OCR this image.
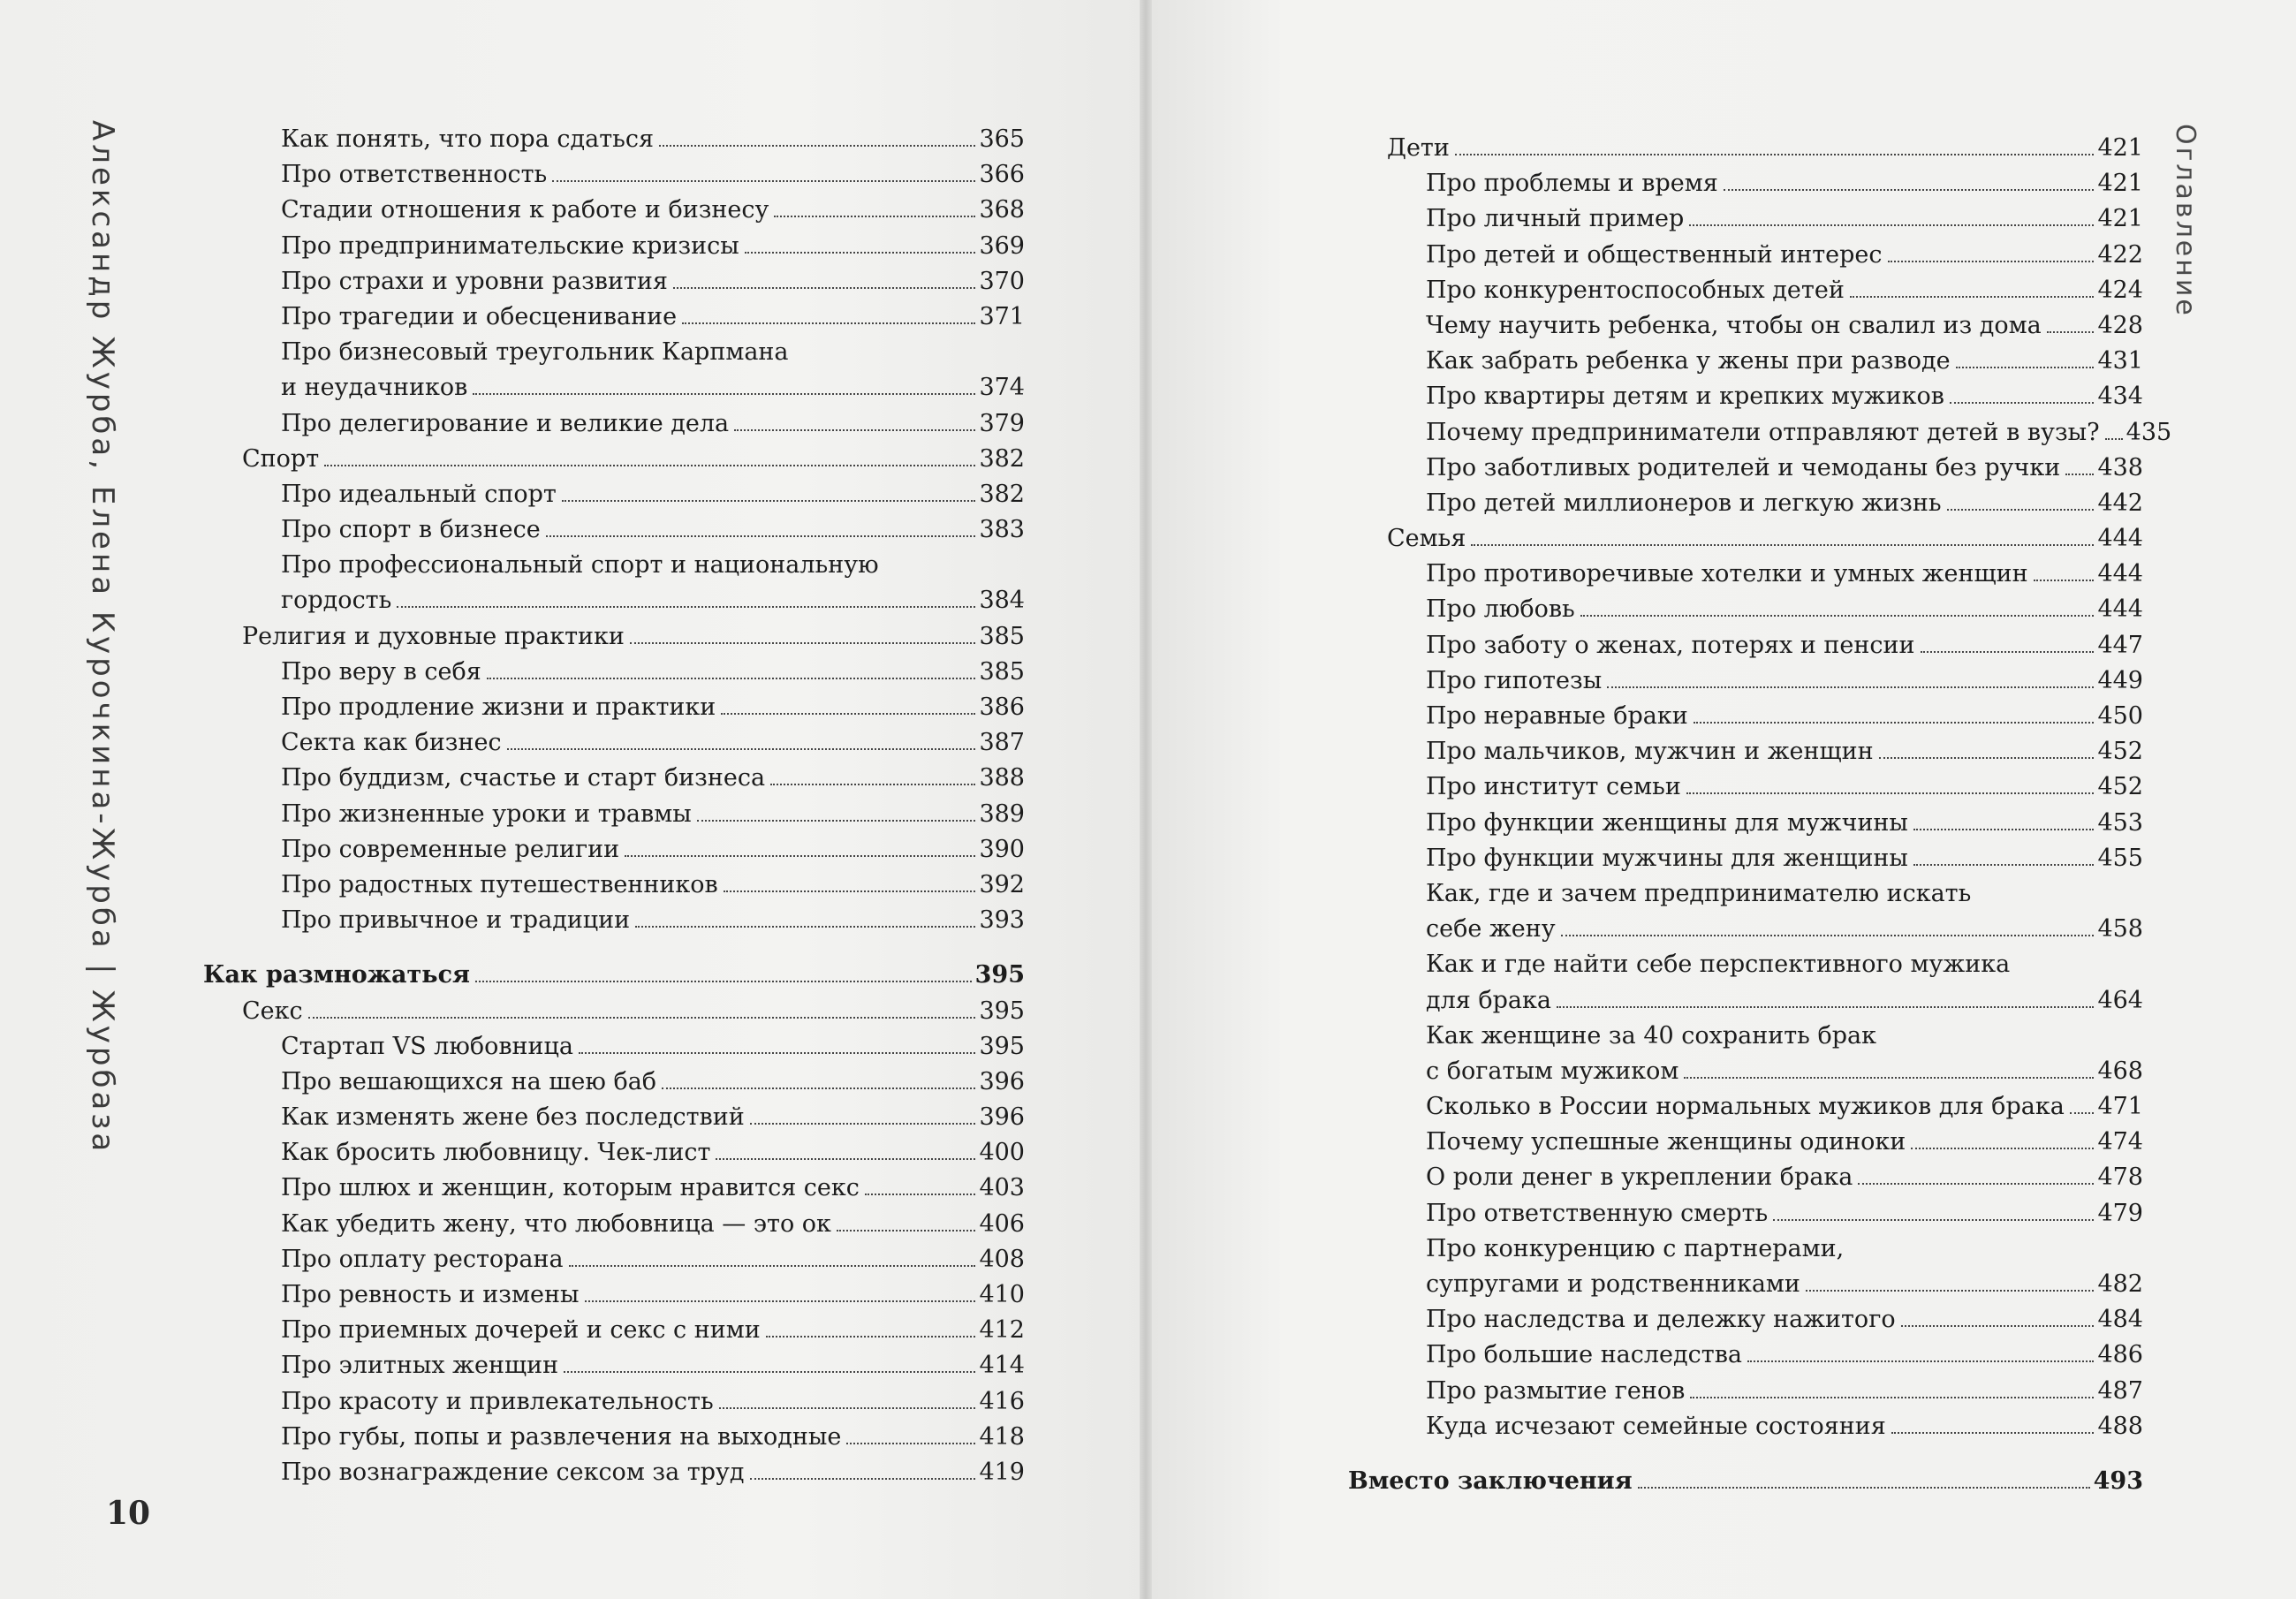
Александр Журба, Елена Курочкина-Журба|Журбаза
Оглавление
10
Как понять, что пора сдаться	365
Про ответственность	366
Стадии отношения к работе и бизнесу	368
Про предпринимательские кризисы	369
Про страхи и уровни развития	370
Про трагедии и обесценивание	371
Про бизнесовый треугольник Карпмана
и неудачников	374
Про делегирование и великие дела	379
Спорт	382
Про идеальный спорт	382
Про спорт в бизнесе	383
Про профессиональный спорт и национальную
гордость	384
Религия и духовные практики	385
Про веру в себя	385
Про продление жизни и практики	386
Секта как бизнес	387
Про буддизм, счастье и старт бизнеса	388
Про жизненные уроки и травмы	389
Про современные религии	390
Про радостных путешественников	392
Про привычное и традиции	393
Как размножаться	395
Секс	395
Стартап VS любовница	395
Про вешающихся на шею баб	396
Как изменять жене без последствий	396
Как бросить любовницу. Чек-лист	400
Про шлюх и женщин, которым нравится секс	403
Как убедить жену, что любовница — это ок	406
Про оплату ресторана	408
Про ревность и измены	410
Про приемных дочерей и секс с ними	412
Про элитных женщин	414
Про красоту и привлекательность	416
Про губы, попы и развлечения на выходные	418
Про вознаграждение сексом за труд	419
Дети	421
Про проблемы и время	421
Про личный пример	421
Про детей и общественный интерес	422
Про конкурентоспособных детей	424
Чему научить ребенка, чтобы он свалил из дома 428
Как забрать ребенка у жены при разводе	431
Про квартиры детям и крепких мужиков	434
Почему предприниматели отправляют детей в вузы? 435
Про заботливых родителей и чемоданы без ручки 438
Про детей миллионеров и легкую жизнь	442
Семья	444
Про противоречивые хотелки и умных женщин	444
Про любовь	444
Про заботу о женах, потерях и пенсии	447
Про гипотезы	449
Про неравные браки	450
Про мальчиков, мужчин и женщин	452
Про институт семьи	452
Про функции женщины для мужчины	453
Про функции мужчины для женщины	455
Как, где и зачем предпринимателю искать
себе жену	458
Как и где найти себе перспективного мужика
для брака	464
Как женщине за 40 сохранить брак
с богатым мужиком	468
Сколько в России нормальных мужиков для брака 471
Почему успешные женщины одиноки	474
О роли денег в укреплении брака	478
Про ответственную смерть	479
Про конкуренцию с партнерами,
супругами и родственниками	482
Про наследства и дележку нажитого	484
Про большие наследства	486
Про размытие генов	487
Куда исчезают семейные состояния	488
Вместо заключения	493
